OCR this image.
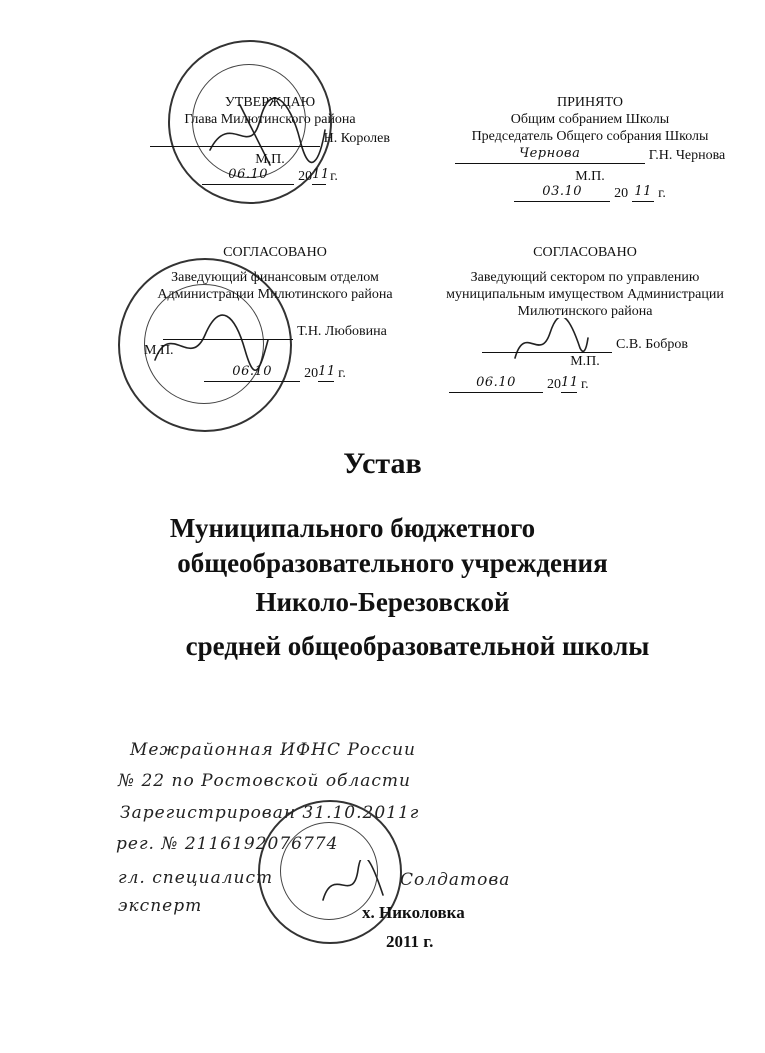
УТВЕРЖДАЮ
Глава Милютинского района
Н. Королев
М.П.
06.10	20 11 г.
ПРИНЯТО
Общим собранием Школы
Председатель Общего собрания Школы
Чернова	Г.Н. Чернова
М.П.
03.10	20 11 г.
СОГЛАСОВАНО
Заведующий финансовым отделом
Администрации Милютинского района
Т.Н. Любовина
М.П.
06.10	20 11 г.
СОГЛАСОВАНО
Заведующий сектором по управлению
муниципальным имуществом Администрации
Милютинского района
С.В. Бобров
М.П.
06.10	20 11 г.
Устав
Муниципального бюджетного
общеобразовательного учреждения
Николо-Березовской
средней общеобразовательной школы
Межрайонная ИФНС России
№ 22 по Ростовской области
Зарегистрирован 31.10.2011г
рег. № 2116192076774
гл. специалист
эксперт
Солдатова
х. Николовка
2011 г.
